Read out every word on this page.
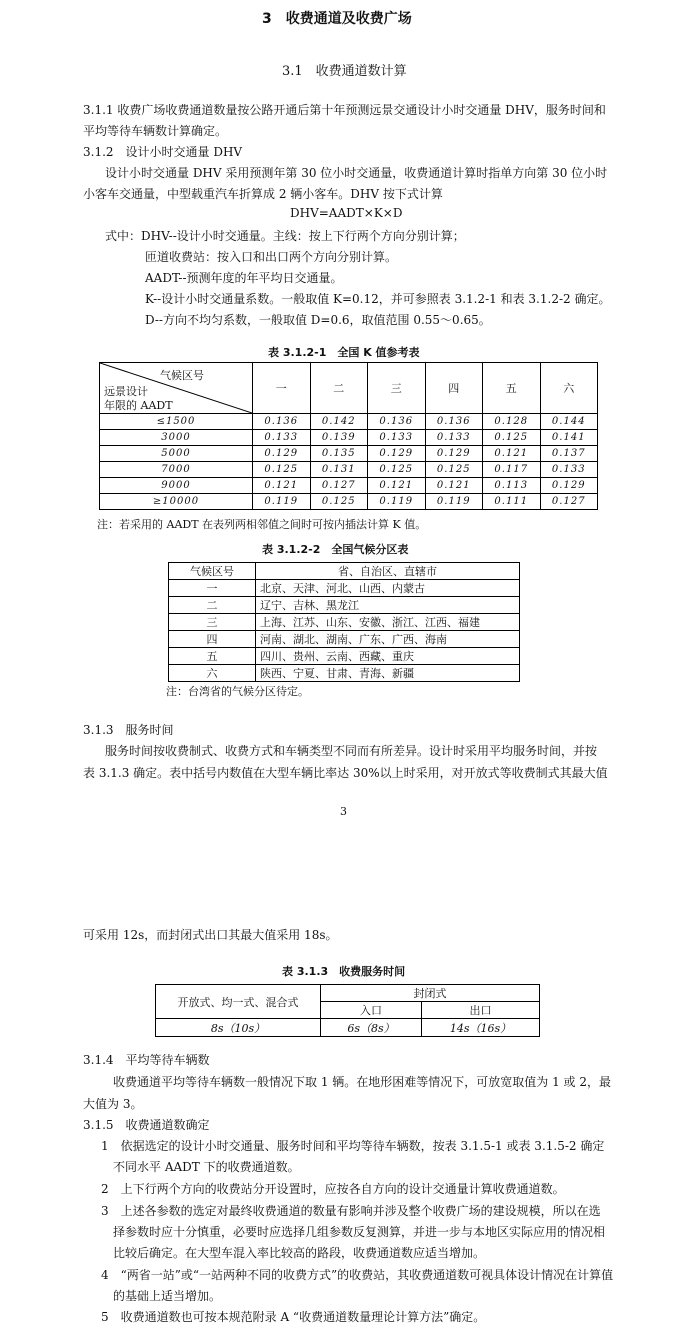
3　收费通道及收费广场
3.1　收费通道数计算
3.1.1 收费广场收费通道数量按公路开通后第十年预测远景交通设计小时交通量 DHV，服务时间和
平均等待车辆数计算确定。
3.1.2　设计小时交通量 DHV
设计小时交通量 DHV 采用预测年第 30 位小时交通量，收费通道计算时指单方向第 30 位小时
小客车交通量，中型载重汽车折算成 2 辆小客车。DHV 按下式计算
DHV=AADT×K×D
式中：DHV--设计小时交通量。主线：按上下行两个方向分别计算；
匝道收费站：按入口和出口两个方向分别计算。
AADT--预测年度的年平均日交通量。
K--设计小时交通量系数。一般取值 K=0.12，并可参照表 3.1.2-1 和表 3.1.2-2 确定。
D--方向不均匀系数，一般取值 D=0.6，取值范围 0.55～0.65。
表 3.1.2-1　全国 K 值参考表
气候区号
远景设计
年限的 AADT	一	二	三	四	五	六
≤1500	0.136	0.142	0.136	0.136	0.128	0.144
3000	0.133	0.139	0.133	0.133	0.125	0.141
5000	0.129	0.135	0.129	0.129	0.121	0.137
7000	0.125	0.131	0.125	0.125	0.117	0.133
9000	0.121	0.127	0.121	0.121	0.113	0.129
≥10000	0.119	0.125	0.119	0.119	0.111	0.127
注：若采用的 AADT 在表列两相邻值之间时可按内插法计算 K 值。
表 3.1.2-2　全国气候分区表
气候区号	省、自治区、直辖市
一	北京、天津、河北、山西、内蒙古
二	辽宁、吉林、黑龙江
三	上海、江苏、山东、安徽、浙江、江西、福建
四	河南、湖北、湖南、广东、广西、海南
五	四川、贵州、云南、西藏、重庆
六	陕西、宁夏、甘肃、青海、新疆
注：台湾省的气候分区待定。
3.1.3　服务时间
服务时间按收费制式、收费方式和车辆类型不同而有所差异。设计时采用平均服务时间，并按
表 3.1.3 确定。表中括号内数值在大型车辆比率达 30%以上时采用，对开放式等收费制式其最大值
3
可采用 12s，而封闭式出口其最大值采用 18s。
表 3.1.3　收费服务时间
开放式、均一式、混合式	封闭式	
	入口	出口
8s（10s）	6s（8s）	14s（16s）
3.1.4　平均等待车辆数
收费通道平均等待车辆数一般情况下取 1 辆。在地形困难等情况下，可放宽取值为 1 或 2，最
大值为 3。
3.1.5　收费通道数确定
1　依据选定的设计小时交通量、服务时间和平均等待车辆数，按表 3.1.5-1 或表 3.1.5-2 确定
不同水平 AADT 下的收费通道数。
2　上下行两个方向的收费站分开设置时，应按各自方向的设计交通量计算收费通道数。
3　上述各参数的选定对最终收费通道的数量有影响并涉及整个收费广场的建设规模，所以在选
择参数时应十分慎重，必要时应选择几组参数反复测算，并进一步与本地区实际应用的情况相
比较后确定。在大型车混入率比较高的路段，收费通道数应适当增加。
4　“两省一站”或“一站两种不同的收费方式”的收费站，其收费通道数可视具体设计情况在计算值
的基础上适当增加。
5　收费通道数也可按本规范附录 A “收费通道数量理论计算方法”确定。
